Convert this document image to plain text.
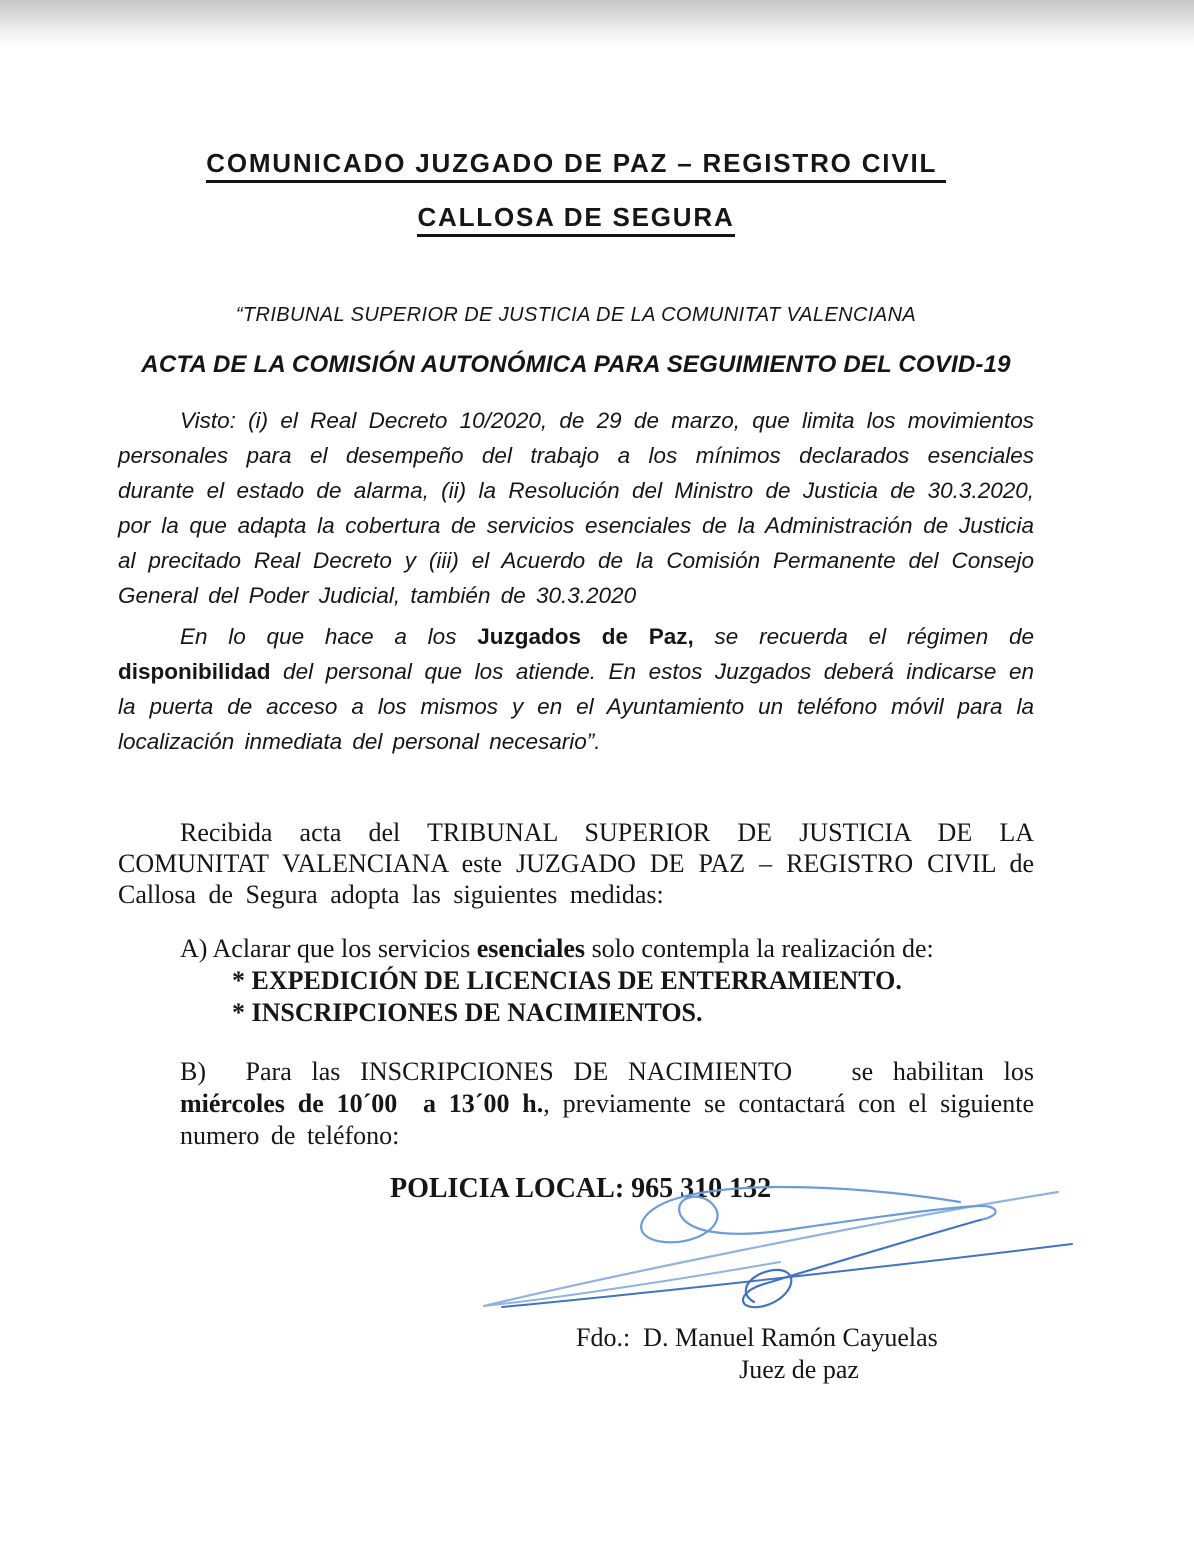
COMUNICADO JUZGADO DE PAZ – REGISTRO CIVIL
CALLOSA DE SEGURA
“TRIBUNAL SUPERIOR DE JUSTICIA DE LA COMUNITAT VALENCIANA
ACTA DE LA COMISIÓN AUTONÓMICA PARA SEGUIMIENTO DEL COVID-19

Visto: (i) el Real Decreto 10/2020, de 29 de marzo, que limita los movimientos personales para el desempeño del trabajo a los mínimos declarados esenciales durante el estado de alarma, (ii) la Resolución del Ministro de Justicia de 30.3.2020, por la que adapta la cobertura de servicios esenciales de la Administración de Justicia al precitado Real Decreto y (iii) el Acuerdo de la Comisión Permanente del Consejo General del Poder Judicial, también de 30.3.2020

En lo que hace a los Juzgados de Paz, se recuerda el régimen de disponibilidad del personal que los atiende. En estos Juzgados deberá indicarse en la puerta de acceso a los mismos y en el Ayuntamiento un teléfono móvil para la localización inmediata del personal necesario”.

Recibida acta del TRIBUNAL SUPERIOR DE JUSTICIA DE LA COMUNITAT VALENCIANA este JUZGADO DE PAZ – REGISTRO CIVIL de Callosa de Segura adopta las siguientes medidas:

A) Aclarar que los servicios esenciales solo contempla la realización de:
* EXPEDICIÓN DE LICENCIAS DE ENTERRAMIENTO.
* INSCRIPCIONES DE NACIMIENTOS.
B)  Para las INSCRIPCIONES DE NACIMIENTO   se habilitan los miércoles de 10´00  a 13´00 h., previamente se contactará con el siguiente numero de teléfono:
POLICIA LOCAL: 965 310 132
Fdo.:  D. Manuel Ramón Cayuelas
Juez de paz
